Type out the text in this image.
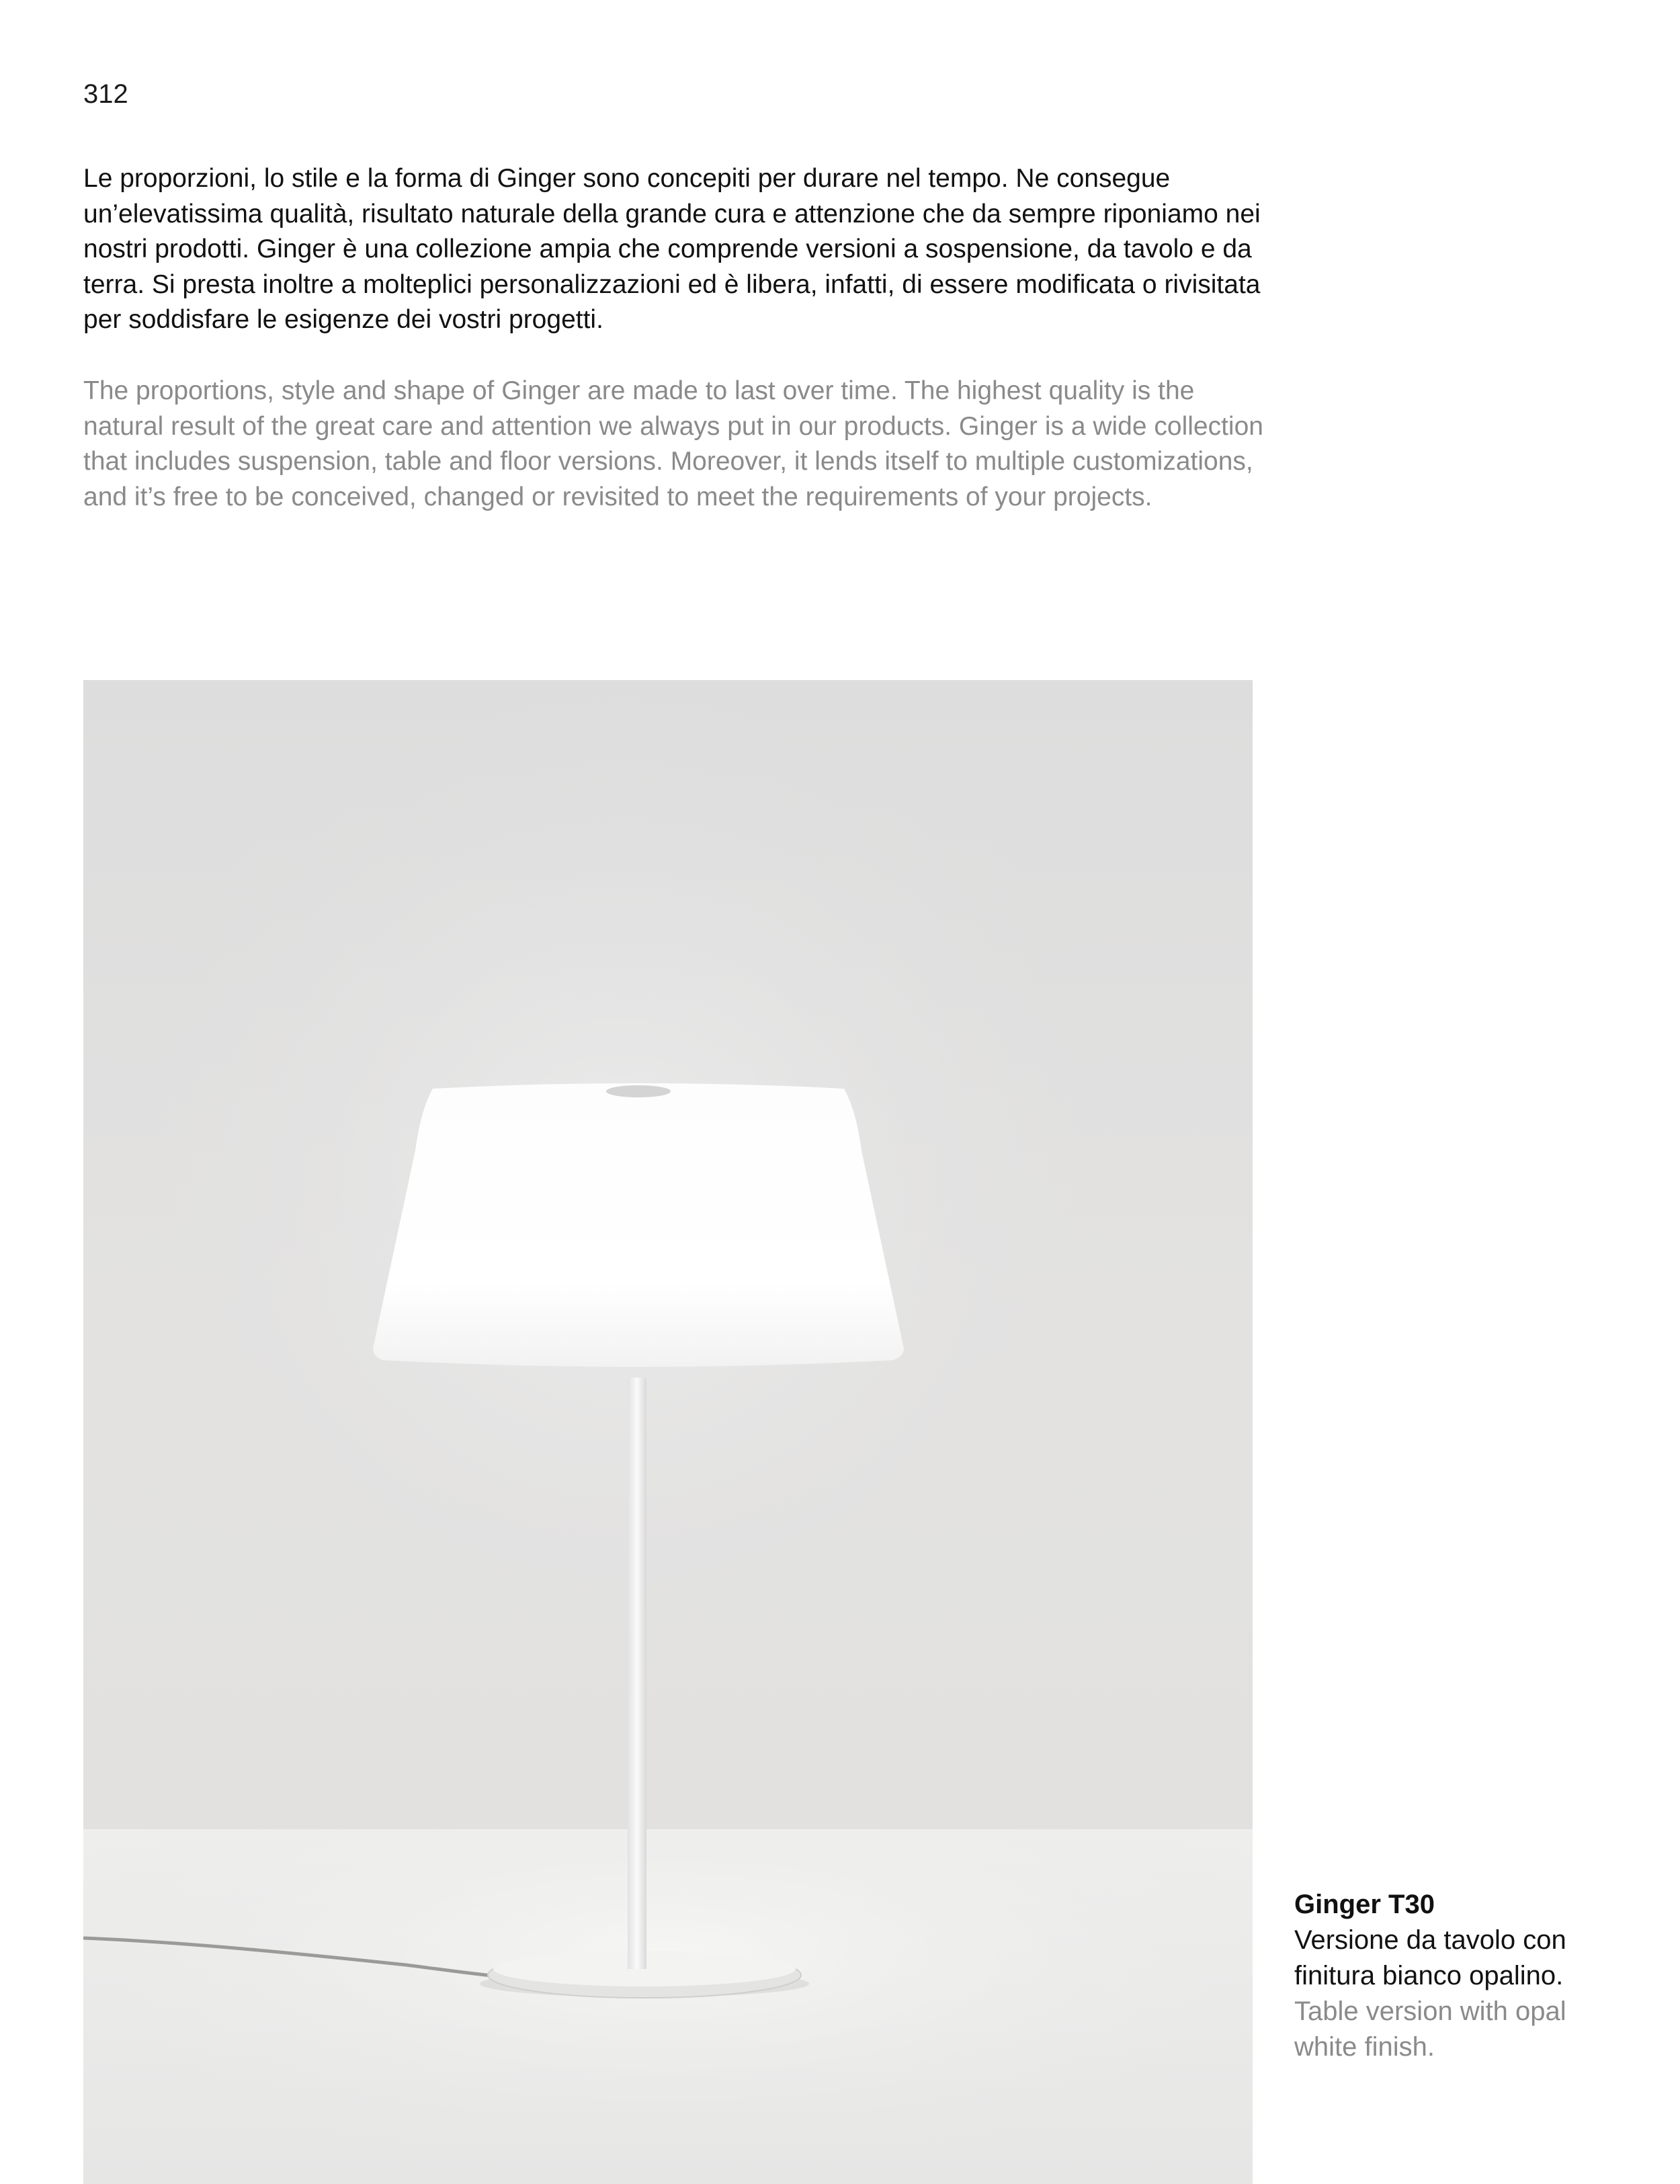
312

Le proporzioni, lo stile e la forma di Ginger sono concepiti per durare nel tempo. Ne consegue un’elevatissima qualità, risultato naturale della grande cura e attenzione che da sempre riponiamo nei nostri prodotti. Ginger è una collezione ampia che comprende versioni a sospensione, da tavolo e da terra. Si presta inoltre a molteplici personalizzazioni ed è libera, infatti, di essere modificata o rivisitata per soddisfare le esigenze dei vostri progetti.

The proportions, style and shape of Ginger are made to last over time. The highest quality is the natural result of the great care and attention we always put in our products. Ginger is a wide collection that includes suspension, table and floor versions. Moreover, it lends itself to multiple customizations, and it’s free to be conceived, changed or revisited to meet the requirements of your projects.

Ginger T30
Versione da tavolo con finitura bianco opalino.
Table version with opal white finish.
